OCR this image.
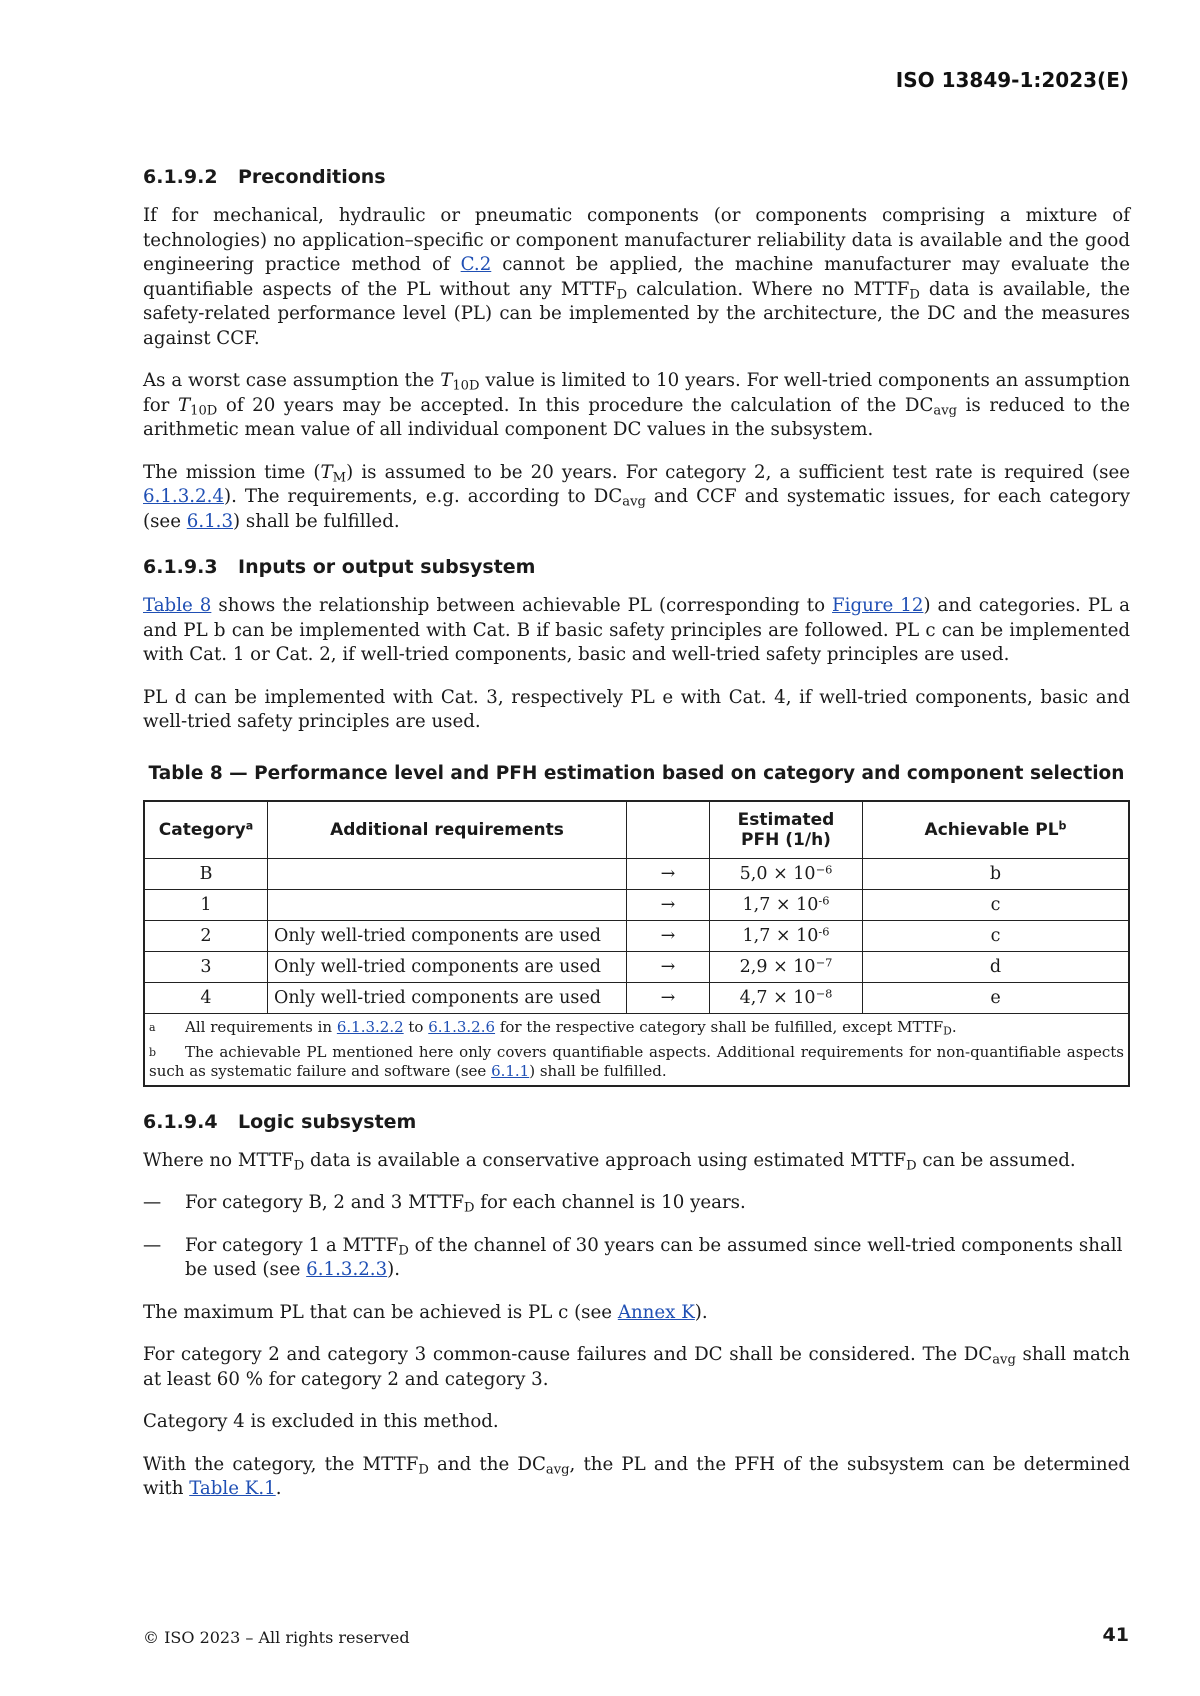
ISO 13849-1:2023(E)
6.1.9.2 Preconditions

If for mechanical, hydraulic or pneumatic components (or components comprising a mixture of technologies) no application–specific or component manufacturer reliability data is available and the good engineering practice method of C.2 cannot be applied, the machine manufacturer may evaluate the quantifiable aspects of the PL without any $MTTF_D$ calculation. Where no $MTTF_D$ data is available, the safety-related performance level (PL) can be implemented by the architecture, the DC and the measures against CCF.

As a worst case assumption the $T_{10D}$ value is limited to 10 years. For well-tried components an assumption for $T_{10D}$ of 20 years may be accepted. In this procedure the calculation of the $DC_{avg}$ is reduced to the arithmetic mean value of all individual component DC values in the subsystem.

The mission time $(T_M)$ is assumed to be 20 years. For category 2, a sufficient test rate is required (see 6.1.3.2.4). The requirements, e.g. according to $DC_{avg}$ and CCF and systematic issues, for each category (see 6.1.3) shall be fulfilled.

6.1.9.3 Inputs or output subsystem

Table 8 shows the relationship between achievable PL (corresponding to Figure 12) and categories. PL a and PL b can be implemented with Cat. B if basic safety principles are followed. PL c can be implemented with Cat. 1 or Cat. 2, if well-tried components, basic and well-tried safety principles are used.

PL d can be implemented with Cat. 3, respectively PL e with Cat. 4, if well-tried components, basic and well-tried safety principles are used.

Table 8 — Performance level and PFH estimation based on category and component selection
Category$^a$	Additional requirements		Estimated PFH (1/h)	Achievable $PL^b$
B		→	$5,0 \times 10^{-6}$	b
1		→	$1,7 \times 10^{-6}$	c
2	Only well-tried components are used	→	$1,7 \times 10^{-6}$	c
3	Only well-tried components are used	→	$2,9 \times 10^{-7}$	d
4	Only well-tried components are used	→	$4,7 \times 10^{-8}$	e

a All requirements in 6.1.3.2.2 to 6.1.3.2.6 for the respective category shall be fulfilled, except $MTTF_D$.
b The achievable PL mentioned here only covers quantifiable aspects. Additional requirements for non-quantifiable aspects such as systematic failure and software (see 6.1.1) shall be fulfilled.				
6.1.9.4 Logic subsystem

Where no $MTTF_D$ data is available a conservative approach using estimated $MTTF_D$ can be assumed.

— For category B, 2 and 3 $MTTF_D$ for each channel is 10 years.
— For category 1 a $MTTF_D$ of the channel of 30 years can be assumed since well-tried components shall be used (see 6.1.3.2.3).

The maximum PL that can be achieved is PL c (see Annex K).

For category 2 and category 3 common-cause failures and DC shall be considered. The $DC_{avg}$ shall match at least 60 % for category 2 and category 3.

Category 4 is excluded in this method.

With the category, the $MTTF_D$ and the $DC_{avg}$, the PL and the PFH of the subsystem can be determined with Table K.1.

© ISO 2023 – All rights reserved	41
